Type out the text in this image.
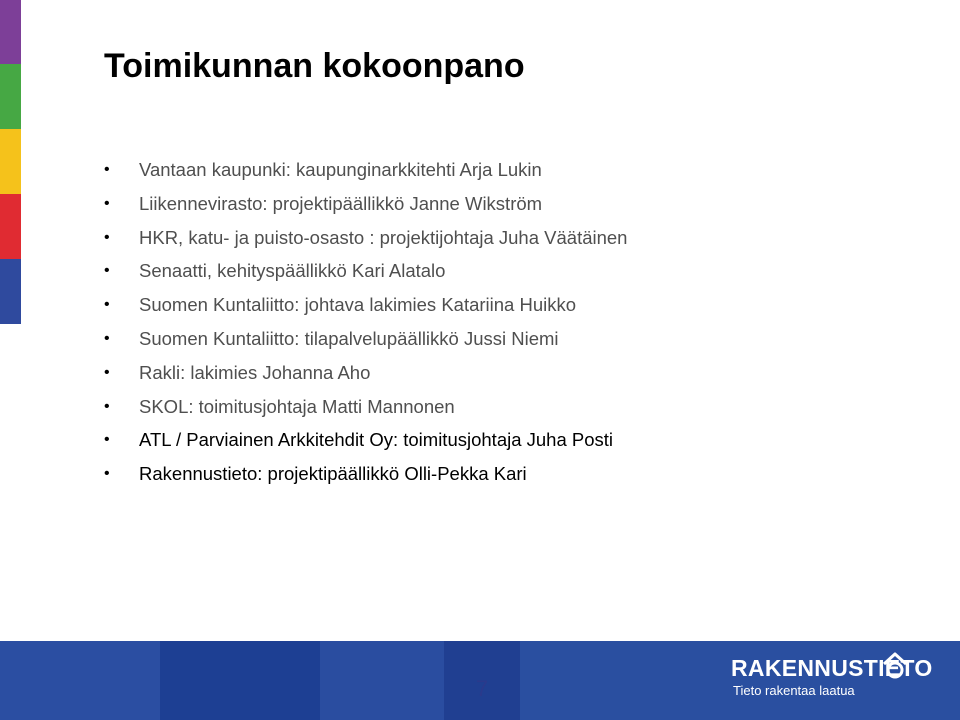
Toimikunnan kokoonpano
• Vantaan kaupunki: kaupunginarkkitehti Arja Lukin
• Liikennevirasto: projektipäällikkö Janne Wikström
• HKR, katu- ja puisto-osasto : projektijohtaja Juha Väätäinen
• Senaatti, kehityspäällikkö Kari Alatalo
• Suomen Kuntaliitto: johtava lakimies Katariina Huikko
• Suomen Kuntaliitto: tilapalvelupäällikkö Jussi Niemi
• Rakli: lakimies Johanna Aho
• SKOL: toimitusjohtaja Matti Mannonen
• ATL / Parviainen Arkkitehdit Oy: toimitusjohtaja Juha Posti
• Rakennustieto: projektipäällikkö Olli-Pekka Kari
7
RAKENNUSTIETO
Tieto rakentaa laatua
